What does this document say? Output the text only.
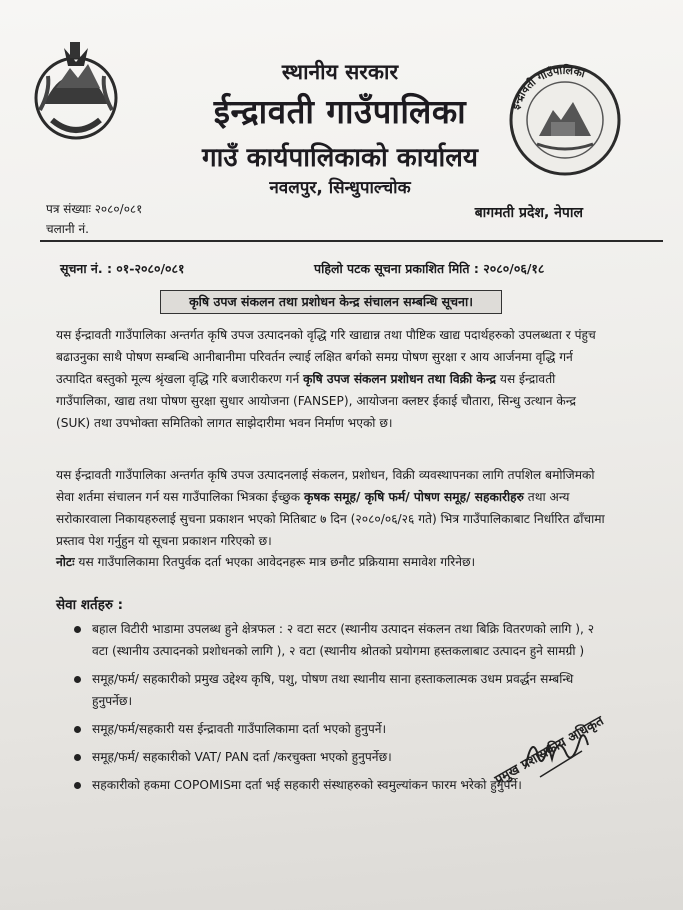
स्थानीय सरकार
ईन्द्रावती गाउँपालिका
गाउँ कार्यपालिकाको कार्यालय
नवलपुर, सिन्धुपाल्चोक
इन्द्रावती गाउँपालिका
पत्र संख्याः २०८०/०८१
चलानी नं.
बागमती प्रदेश, नेपाल
सूचना नं. : ०१-२०८०/०८१	पहिलो पटक सूचना प्रकाशित मिति : २०८०/०६/१८
कृषि उपज संकलन तथा प्रशोधन केन्द्र संचालन सम्बन्धि सूचना।
यस ईन्द्रावती गाउँपालिका अन्तर्गत कृषि उपज उत्पादनको वृद्धि गरि खाद्यान्न तथा पौष्टिक खाद्य पदार्थहरुको उपलब्धता र पंहुच बढाउनुका साथै पोषण सम्बन्धि आनीबानीमा परिवर्तन ल्याई लक्षित बर्गको समग्र पोषण सुरक्षा र आय आर्जनमा वृद्धि गर्न उत्पादित बस्तुको मूल्य श्रृंखला वृद्धि गरि बजारीकरण गर्न कृषि उपज संकलन प्रशोधन तथा विक्री केन्द्र यस ईन्द्रावती गाउँपालिका, खाद्य तथा पोषण सुरक्षा सुधार आयोजना (FANSEP), आयोजना क्लष्टर ईकाई चौतारा, सिन्धु उत्थान केन्द्र (SUK) तथा उपभोक्ता समितिको लागत साझेदारीमा भवन निर्माण भएको छ।
यस ईन्द्रावती गाउँपालिका अन्तर्गत कृषि उपज उत्पादनलाई संकलन, प्रशोधन, विक्री व्यवस्थापनका लागि तपशिल बमोजिमको सेवा शर्तमा संचालन गर्न यस गाउँपालिका भित्रका ईच्छुक कृषक समूह/ कृषि फर्म/ पोषण समूह/ सहकारीहरु तथा अन्य सरोकारवाला निकायहरुलाई सुचना प्रकाशन भएको मितिबाट ७ दिन (२०८०/०६/२६ गते) भित्र गाउँपालिकाबाट निर्धारित ढाँचामा प्रस्ताव पेश गर्नुहुन यो सूचना प्रकाशन गरिएको छ।
नोटः यस गाउँपालिकामा रितपुर्वक दर्ता भएका आवेदनहरू मात्र छनौट प्रक्रियामा समावेश गरिनेछ।
सेवा शर्तहरु :
बहाल विटीरी भाडामा उपलब्ध हुने क्षेत्रफल : २ वटा सटर (स्थानीय उत्पादन संकलन तथा बिक्रि वितरणको लागि ), २ वटा (स्थानीय उत्पादनको प्रशोधनको लागि ), २ वटा (स्थानीय श्रोतको प्रयोगमा हस्तकलाबाट उत्पादन हुने सामग्री )
समूह/फर्म/ सहकारीको प्रमुख उद्देश्य कृषि, पशु, पोषण तथा स्थानीय साना हस्ताकलात्मक उधम प्रवर्द्धन सम्बन्धि हुनुपर्नेछ।
समूह/फर्म/सहकारी यस ईन्द्रावती गाउँपालिकामा दर्ता भएको हुनुपर्ने।
समूह/फर्म/ सहकारीको VAT/ PAN दर्ता /करचुक्ता भएको हुनुपर्नेछ।
सहकारीको हकमा COPOMISमा दर्ता भई सहकारी संस्थाहरुको स्वमुल्यांकन फारम भरेको हुनुपर्ने।
प्रमुख प्रशासकीय अधिकृत
